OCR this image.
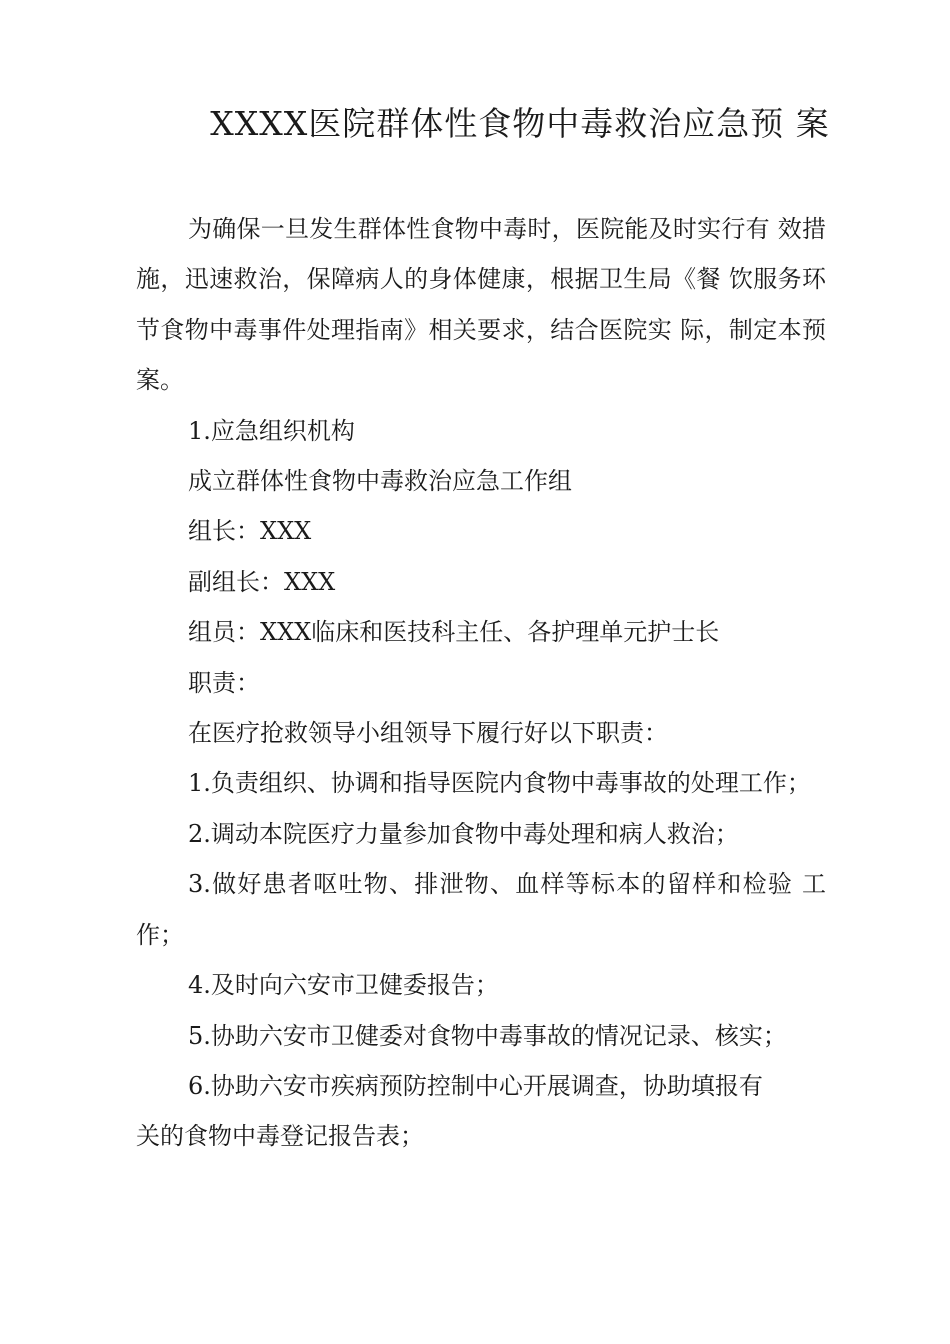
XXXX医院群体性食物中毒救治应急预 案

为确保一旦发生群体性食物中毒时，医院能及时实行有 效措施，迅速救治，保障病人的身体健康，根据卫生局《餐 饮服务环节食物中毒事件处理指南》相关要求，结合医院实 际，制定本预案。

1.应急组织机构

成立群体性食物中毒救治应急工作组

组长：XXX

副组长：XXX

组员：XXX临床和医技科主任、各护理单元护士长

职责：

在医疗抢救领导小组领导下履行好以下职责：

1.负责组织、协调和指导医院内食物中毒事故的处理工作；

2.调动本院医疗力量参加食物中毒处理和病人救治；

3.做好患者呕吐物、排泄物、血样等标本的留样和检验 工作；

4.及时向六安市卫健委报告；

5.协助六安市卫健委对食物中毒事故的情况记录、核实；

6.协助六安市疾病预防控制中心开展调查，协助填报有

关的食物中毒登记报告表；
